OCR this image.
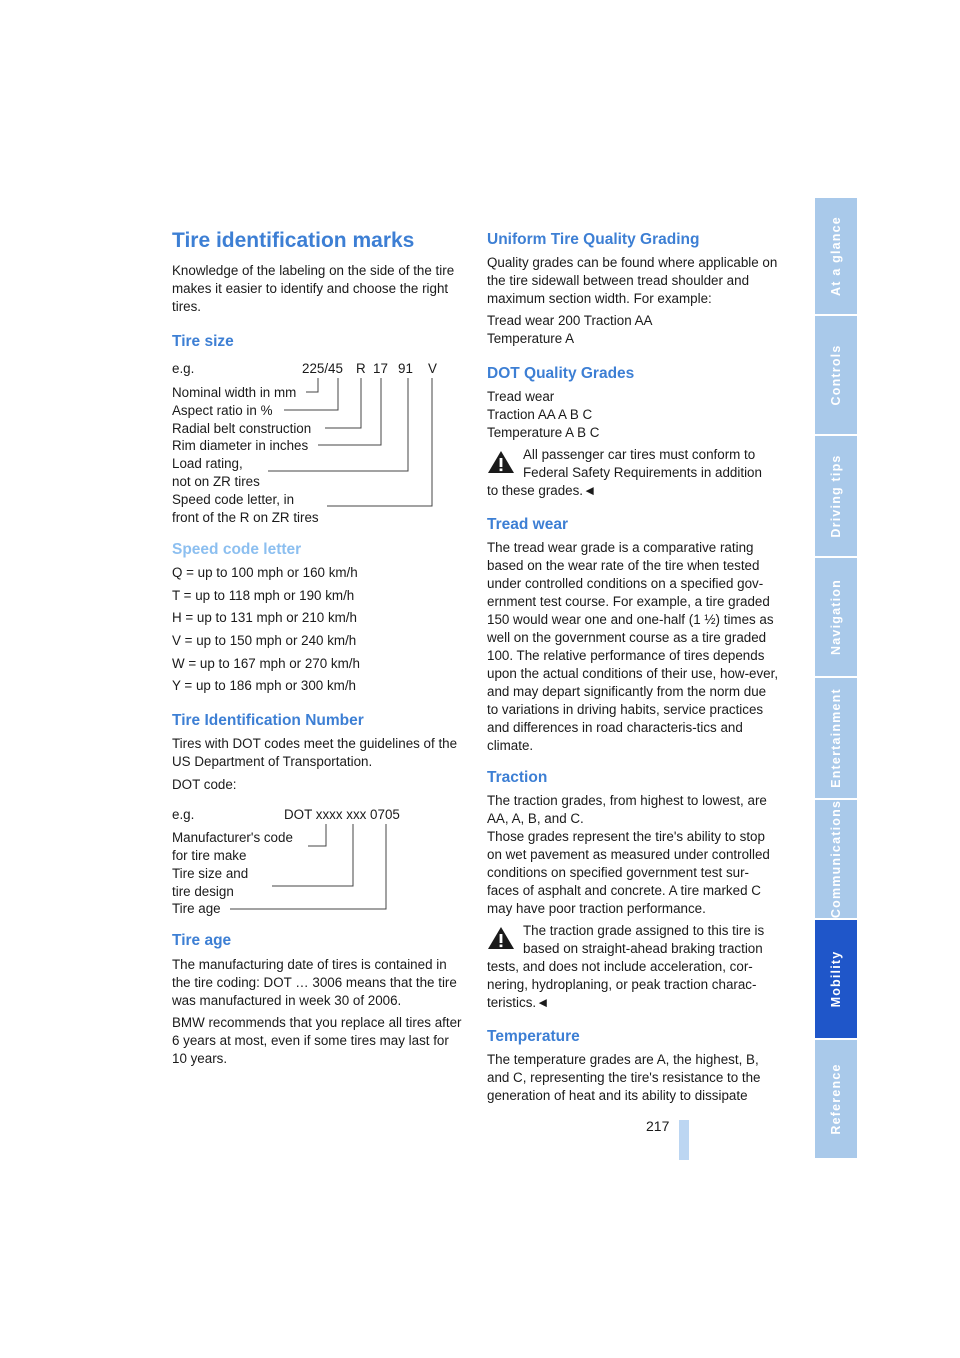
At a glance
Controls
Driving tips
Navigation
Entertainment
Communications
Mobility
Reference
217
Tire identification marks

Knowledge of the labeling on the side of the tire makes it easier to identify and choose the right tires.

Tire size
e.g.	225/45 R 17 91 V
Nominal width in mm
Aspect ratio in %
Radial belt construction
Rim diameter in inches
Load rating,
not on ZR tires
Speed code letter, in
front of the R on ZR tires
Speed code letter

Q = up to 100 mph or 160 km/h

T = up to 118 mph or 190 km/h

H = up to 131 mph or 210 km/h

V = up to 150 mph or 240 km/h

W = up to 167 mph or 270 km/h

Y = up to 186 mph or 300 km/h

Tire Identification Number

Tires with DOT codes meet the guidelines of the US Department of Transportation.

DOT code:

e.g.	DOT xxxx xxx 0705
Manufacturer's code
for tire make
Tire size and
tire design
Tire age
Tire age

The manufacturing date of tires is contained in the tire coding: DOT … 3006 means that the tire was manufactured in week 30 of 2006.

BMW recommends that you replace all tires after 6 years at most, even if some tires may last for 10 years.

Uniform Tire Quality Grading

Quality grades can be found where applicable on the tire sidewall between tread shoulder and maximum section width. For example:

Tread wear 200 Traction AA
Temperature A

DOT Quality Grades

Tread wear
Traction AA A B C
Temperature A B C

All passenger car tires must conform to Federal Safety Requirements in addition

to these grades.◄

Tread wear

The tread wear grade is a comparative rating based on the wear rate of the tire when tested under controlled conditions on a specified gov-ernment test course. For example, a tire graded 150 would wear one and one-half (1 ½) times as well on the government course as a tire graded 100. The relative performance of tires depends upon the actual conditions of their use, how-ever, and may depart significantly from the norm due to variations in driving habits, service practices and differences in road characteris-tics and climate.

Traction

The traction grades, from highest to lowest, are AA, A, B, and C.
Those grades represent the tire's ability to stop on wet pavement as measured under controlled conditions on specified government test sur-faces of asphalt and concrete. A tire marked C may have poor traction performance.

The traction grade assigned to this tire is based on straight-ahead braking traction

tests, and does not include acceleration, cor-nering, hydroplaning, or peak traction charac-teristics.◄

Temperature

The temperature grades are A, the highest, B, and C, representing the tire's resistance to the generation of heat and its ability to dissipate
